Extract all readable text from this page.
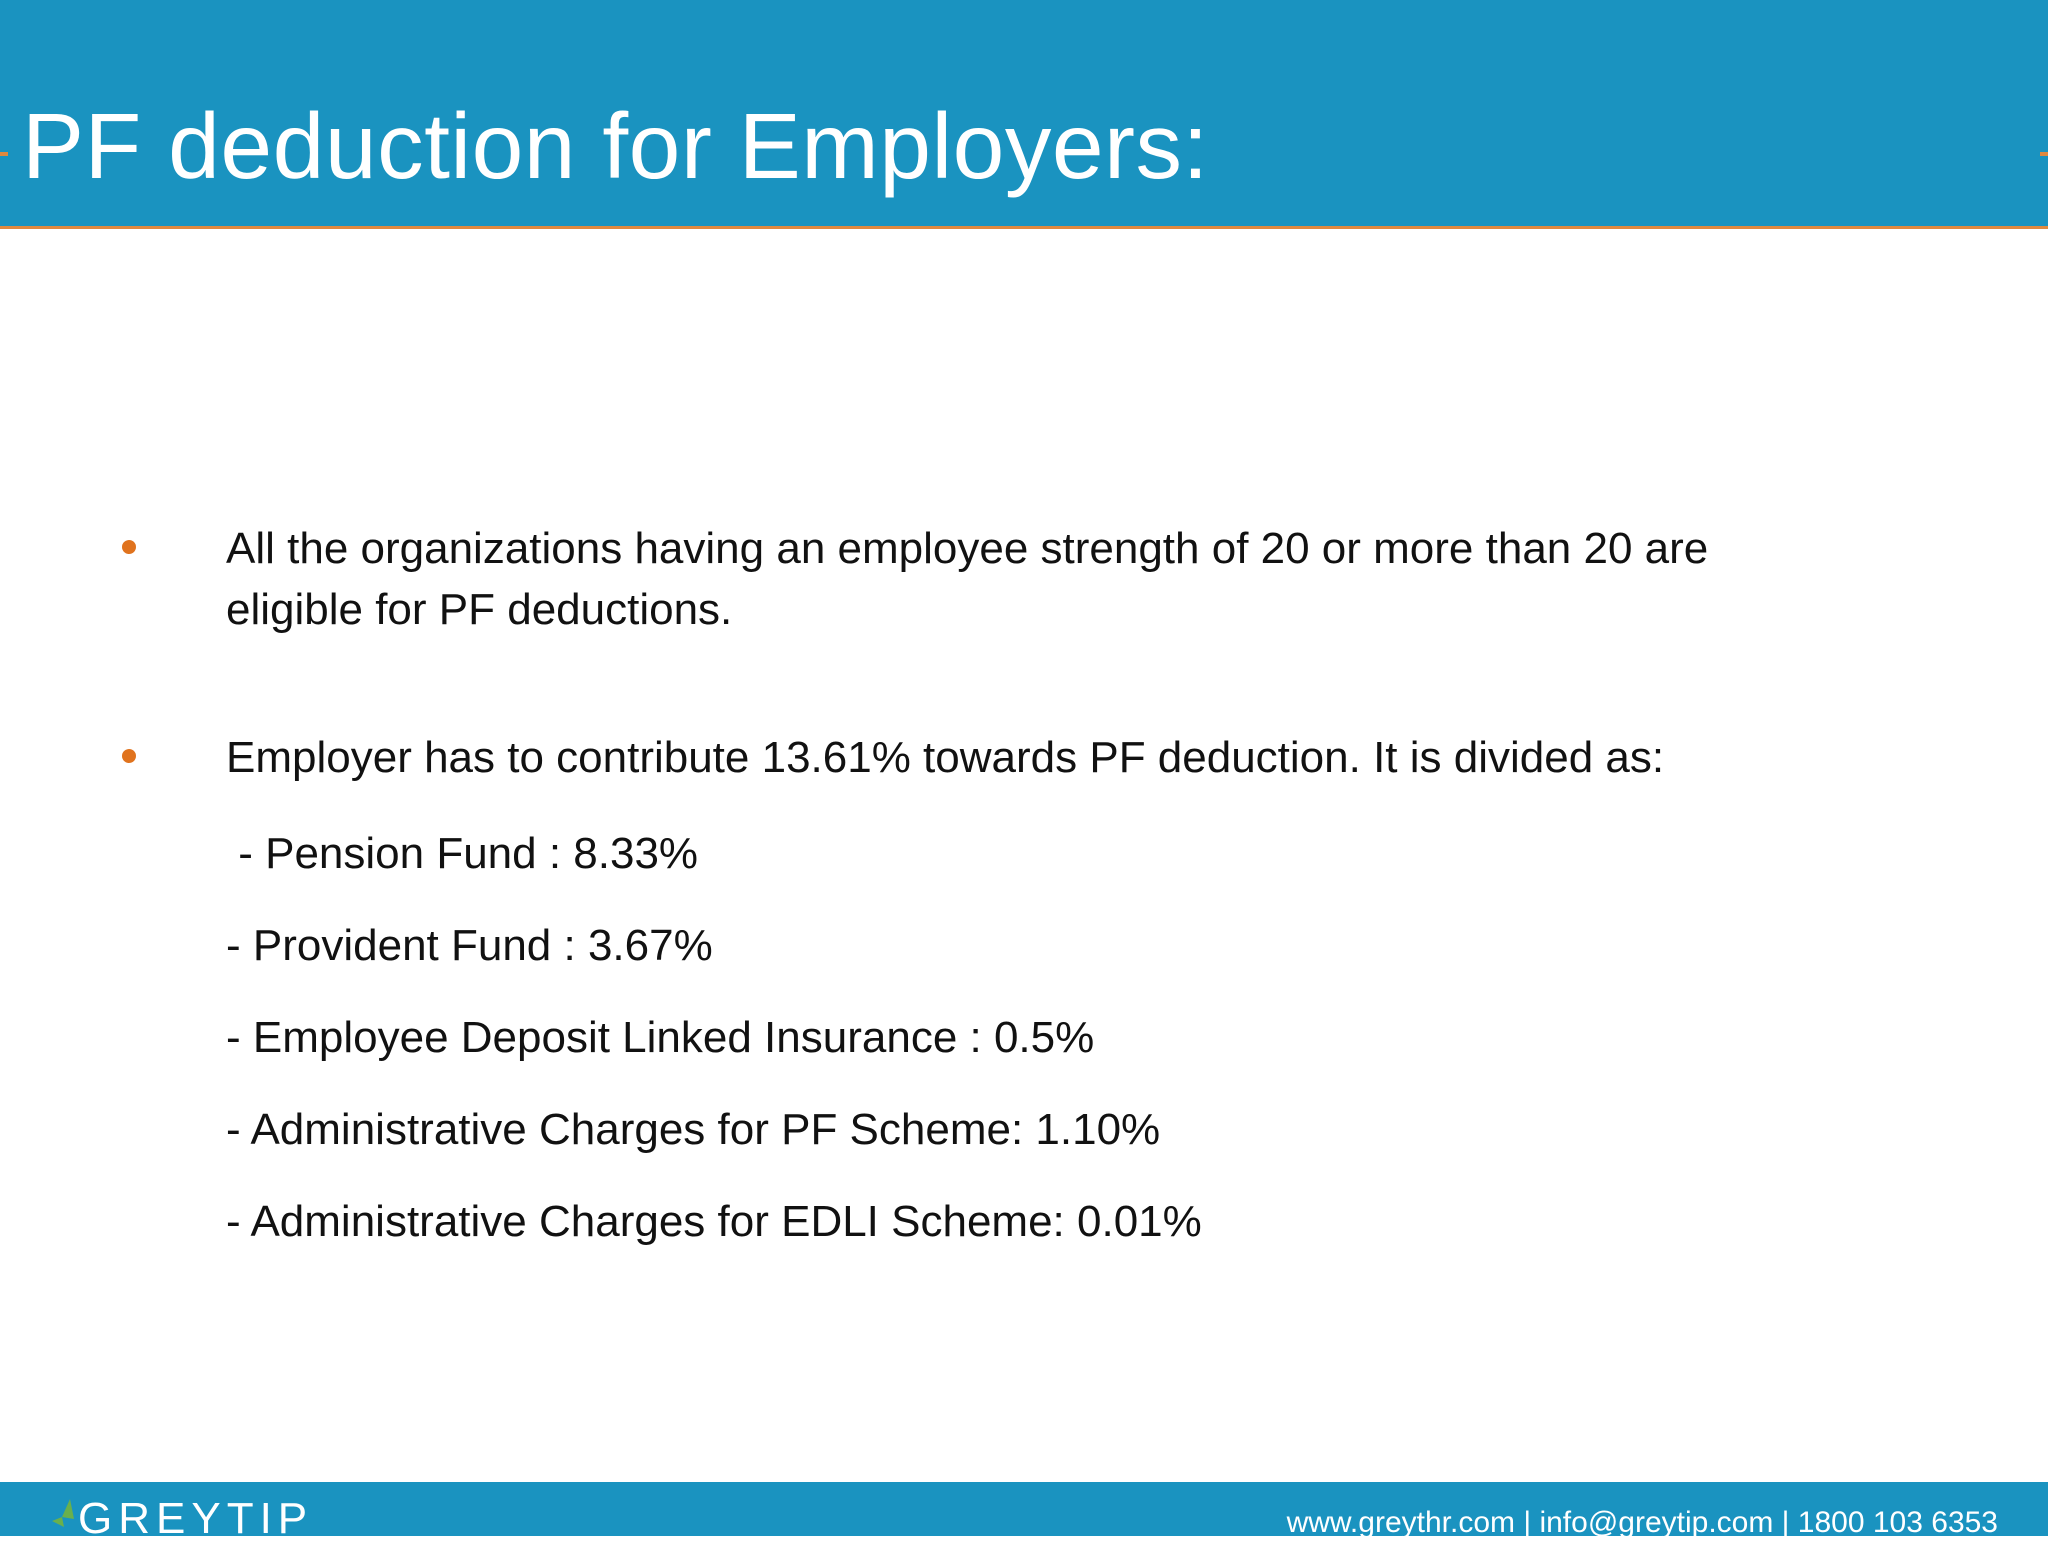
PF deduction for Employers:

All the organizations having an employee strength of 20 or more than 20 are

eligible for PF deductions.

Employer has to contribute 13.61% towards PF deduction. It is divided as:

- Pension Fund : 8.33%

- Provident Fund : 3.67%

- Employee Deposit Linked Insurance : 0.5%

- Administrative Charges for PF Scheme: 1.10%

- Administrative Charges for EDLI Scheme: 0.01%

GREYTIP	www.greythr.com | info@greytip.com | 1800 103 6353
